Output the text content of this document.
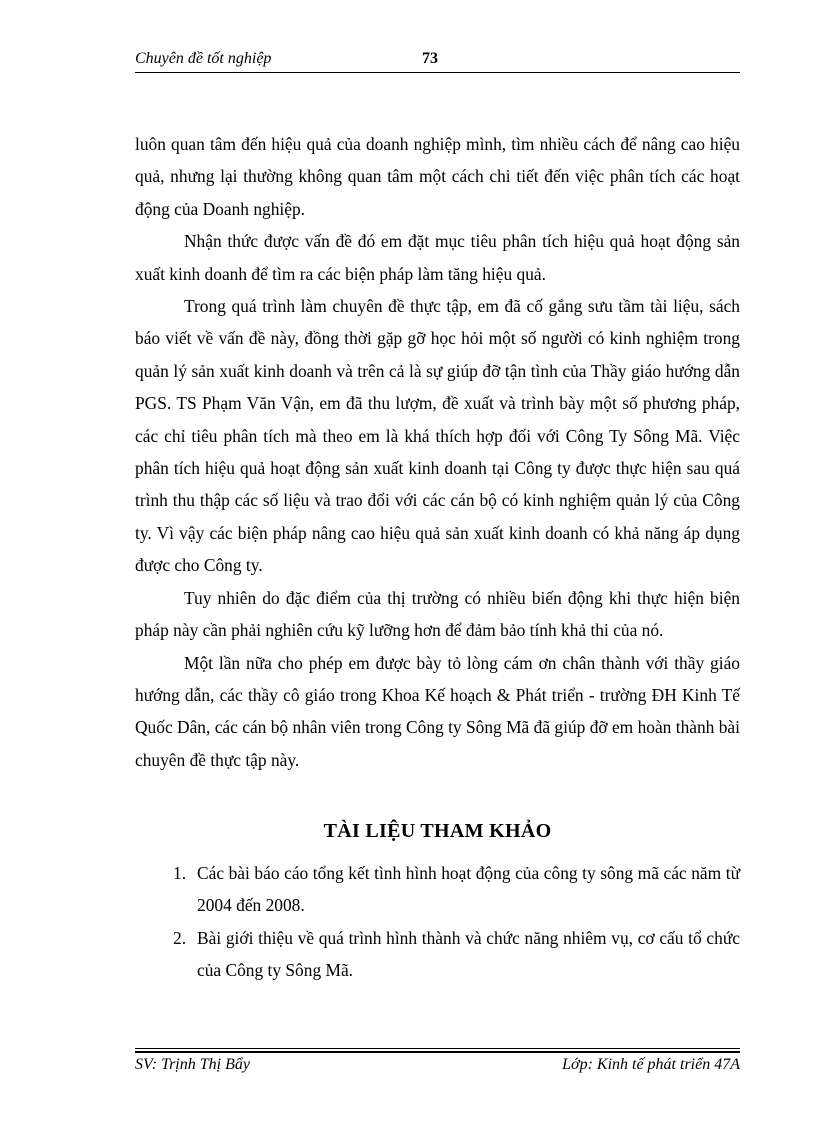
Chuyên đề tốt nghiệp	73

luôn quan tâm đến hiệu quả của doanh nghiệp mình, tìm nhiều cách để nâng cao hiệu quả, nhưng lại thường không quan tâm một cách chi tiết đến việc phân tích các hoạt động của Doanh nghiệp.

Nhận thức được vấn đề đó em đặt mục tiêu phân tích hiệu quả hoạt động sản xuất kinh doanh để tìm ra các biện pháp làm tăng hiệu quả.

Trong quá trình làm chuyên đề thực tập, em đã cố gắng sưu tầm tài liệu, sách báo viết về vấn đề này, đồng thời gặp gỡ học hỏi một số người có kinh nghiệm trong quản lý sản xuất kinh doanh và trên cả là sự giúp đỡ tận tình của Thầy giáo hướng dẫn PGS. TS Phạm Văn Vận, em đã thu lượm, đề xuất và trình bày một số phương pháp, các chỉ tiêu phân tích mà theo em là khá thích hợp đối với Công Ty Sông Mã. Việc phân tích hiệu quả hoạt động sản xuất kinh doanh tại Công ty được thực hiện sau quá trình thu thập các số liệu và trao đổi với các cán bộ có kinh nghiệm quản lý của Công ty. Vì vậy các biện pháp nâng cao hiệu quả sản xuất kinh doanh có khả năng áp dụng được cho Công ty.

Tuy nhiên do đặc điểm của thị trường có nhiều biến động khi thực hiện biện pháp này cần phải nghiên cứu kỹ lưỡng hơn để đảm bảo tính khả thi của nó.

Một lần nữa cho phép em được bày tỏ lòng cám ơn chân thành với thầy giáo hướng dẫn, các thầy cô giáo trong Khoa Kế hoạch & Phát triển - trường ĐH Kinh Tế Quốc Dân, các cán bộ nhân viên trong Công ty Sông Mã đã giúp đỡ em hoàn thành bài chuyên đề thực tập này.

TÀI LIỆU THAM KHẢO
1. Các bài báo cáo tổng kết tình hình hoạt động của công ty sông mã các năm từ 2004 đến 2008.
2. Bài giới thiệu về quá trình hình thành và chức năng nhiêm vụ, cơ cấu tổ chức của Công ty Sông Mã.
SV: Trịnh Thị Bẩy	Lớp: Kinh tế phát triển 47A
